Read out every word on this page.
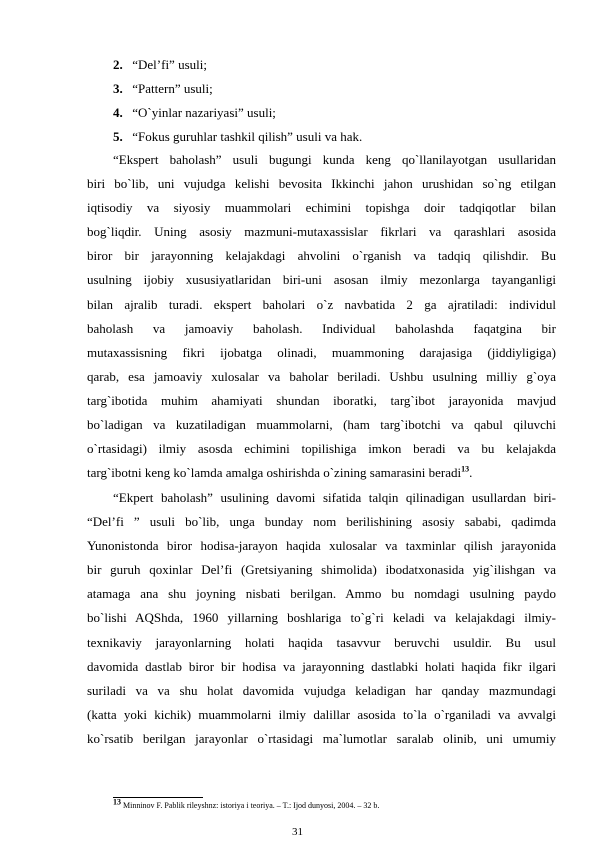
2. “Del’fi” usuli;
3. “Pattern” usuli;
4. “O`yinlar nazariyasi” usuli;
5. “Fokus guruhlar tashkil qilish” usuli va hak.
“Ekspert baholash” usuli bugungi kunda keng qo`llanilayotgan usullaridan
biri bo`lib, uni vujudga kelishi bevosita Ikkinchi jahon urushidan so`ng etilgan
iqtisodiy va siyosiy muammolari echimini topishga doir tadqiqotlar bilan
bog`liqdir. Uning asosiy mazmuni-mutaxassislar fikrlari va qarashlari asosida
biror bir jarayonning kelajakdagi ahvolini o`rganish va tadqiq qilishdir. Bu
usulning ijobiy xususiyatlaridan biri-uni asosan ilmiy mezonlarga tayanganligi
bilan ajralib turadi. ekspert baholari o`z navbatida 2 ga ajratiladi: individul
baholash va jamoaviy baholash. Individual baholashda faqatgina bir
mutaxassisning fikri ijobatga olinadi, muammoning darajasiga (jiddiyligiga)
qarab, esa jamoaviy xulosalar va baholar beriladi. Ushbu usulning milliy g`oya
targ`ibotida muhim ahamiyati shundan iboratki, targ`ibot jarayonida mavjud
bo`ladigan va kuzatiladigan muammolarni, (ham targ`ibotchi va qabul qiluvchi
o`rtasidagi) ilmiy asosda echimini topilishiga imkon beradi va bu kelajakda
targ`ibotni keng ko`lamda amalga oshirishda o`zining samarasini beradi$^{13}$.
“Ekpert baholash” usulining davomi sifatida talqin qilinadigan usullardan biri-
“Del’fi ” usuli bo`lib, unga bunday nom berilishining asosiy sababi, qadimda
Yunonistonda biror hodisa-jarayon haqida xulosalar va taxminlar qilish jarayonida
bir guruh qoxinlar Del’fi (Gretsiyaning shimolida) ibodatxonasida yig`ilishgan va
atamaga ana shu joyning nisbati berilgan. Ammo bu nomdagi usulning paydo
bo`lishi AQShda, 1960 yillarning boshlariga to`g`ri keladi va kelajakdagi ilmiy-
texnikaviy jarayonlarning holati haqida tasavvur beruvchi usuldir. Bu usul
davomida dastlab biror bir hodisa va jarayonning dastlabki holati haqida fikr ilgari
suriladi va va shu holat davomida vujudga keladigan har qanday mazmundagi
(katta yoki kichik) muammolarni ilmiy dalillar asosida to`la o`rganiladi va avvalgi
ko`rsatib berilgan jarayonlar o`rtasidagi ma`lumotlar saralab olinib, uni umumiy
$^{13}$ Minninov F. Pablik rileyshnz: istoriya i teoriya. – T.: Ijod dunyosi, 2004. – 32 b.
31
